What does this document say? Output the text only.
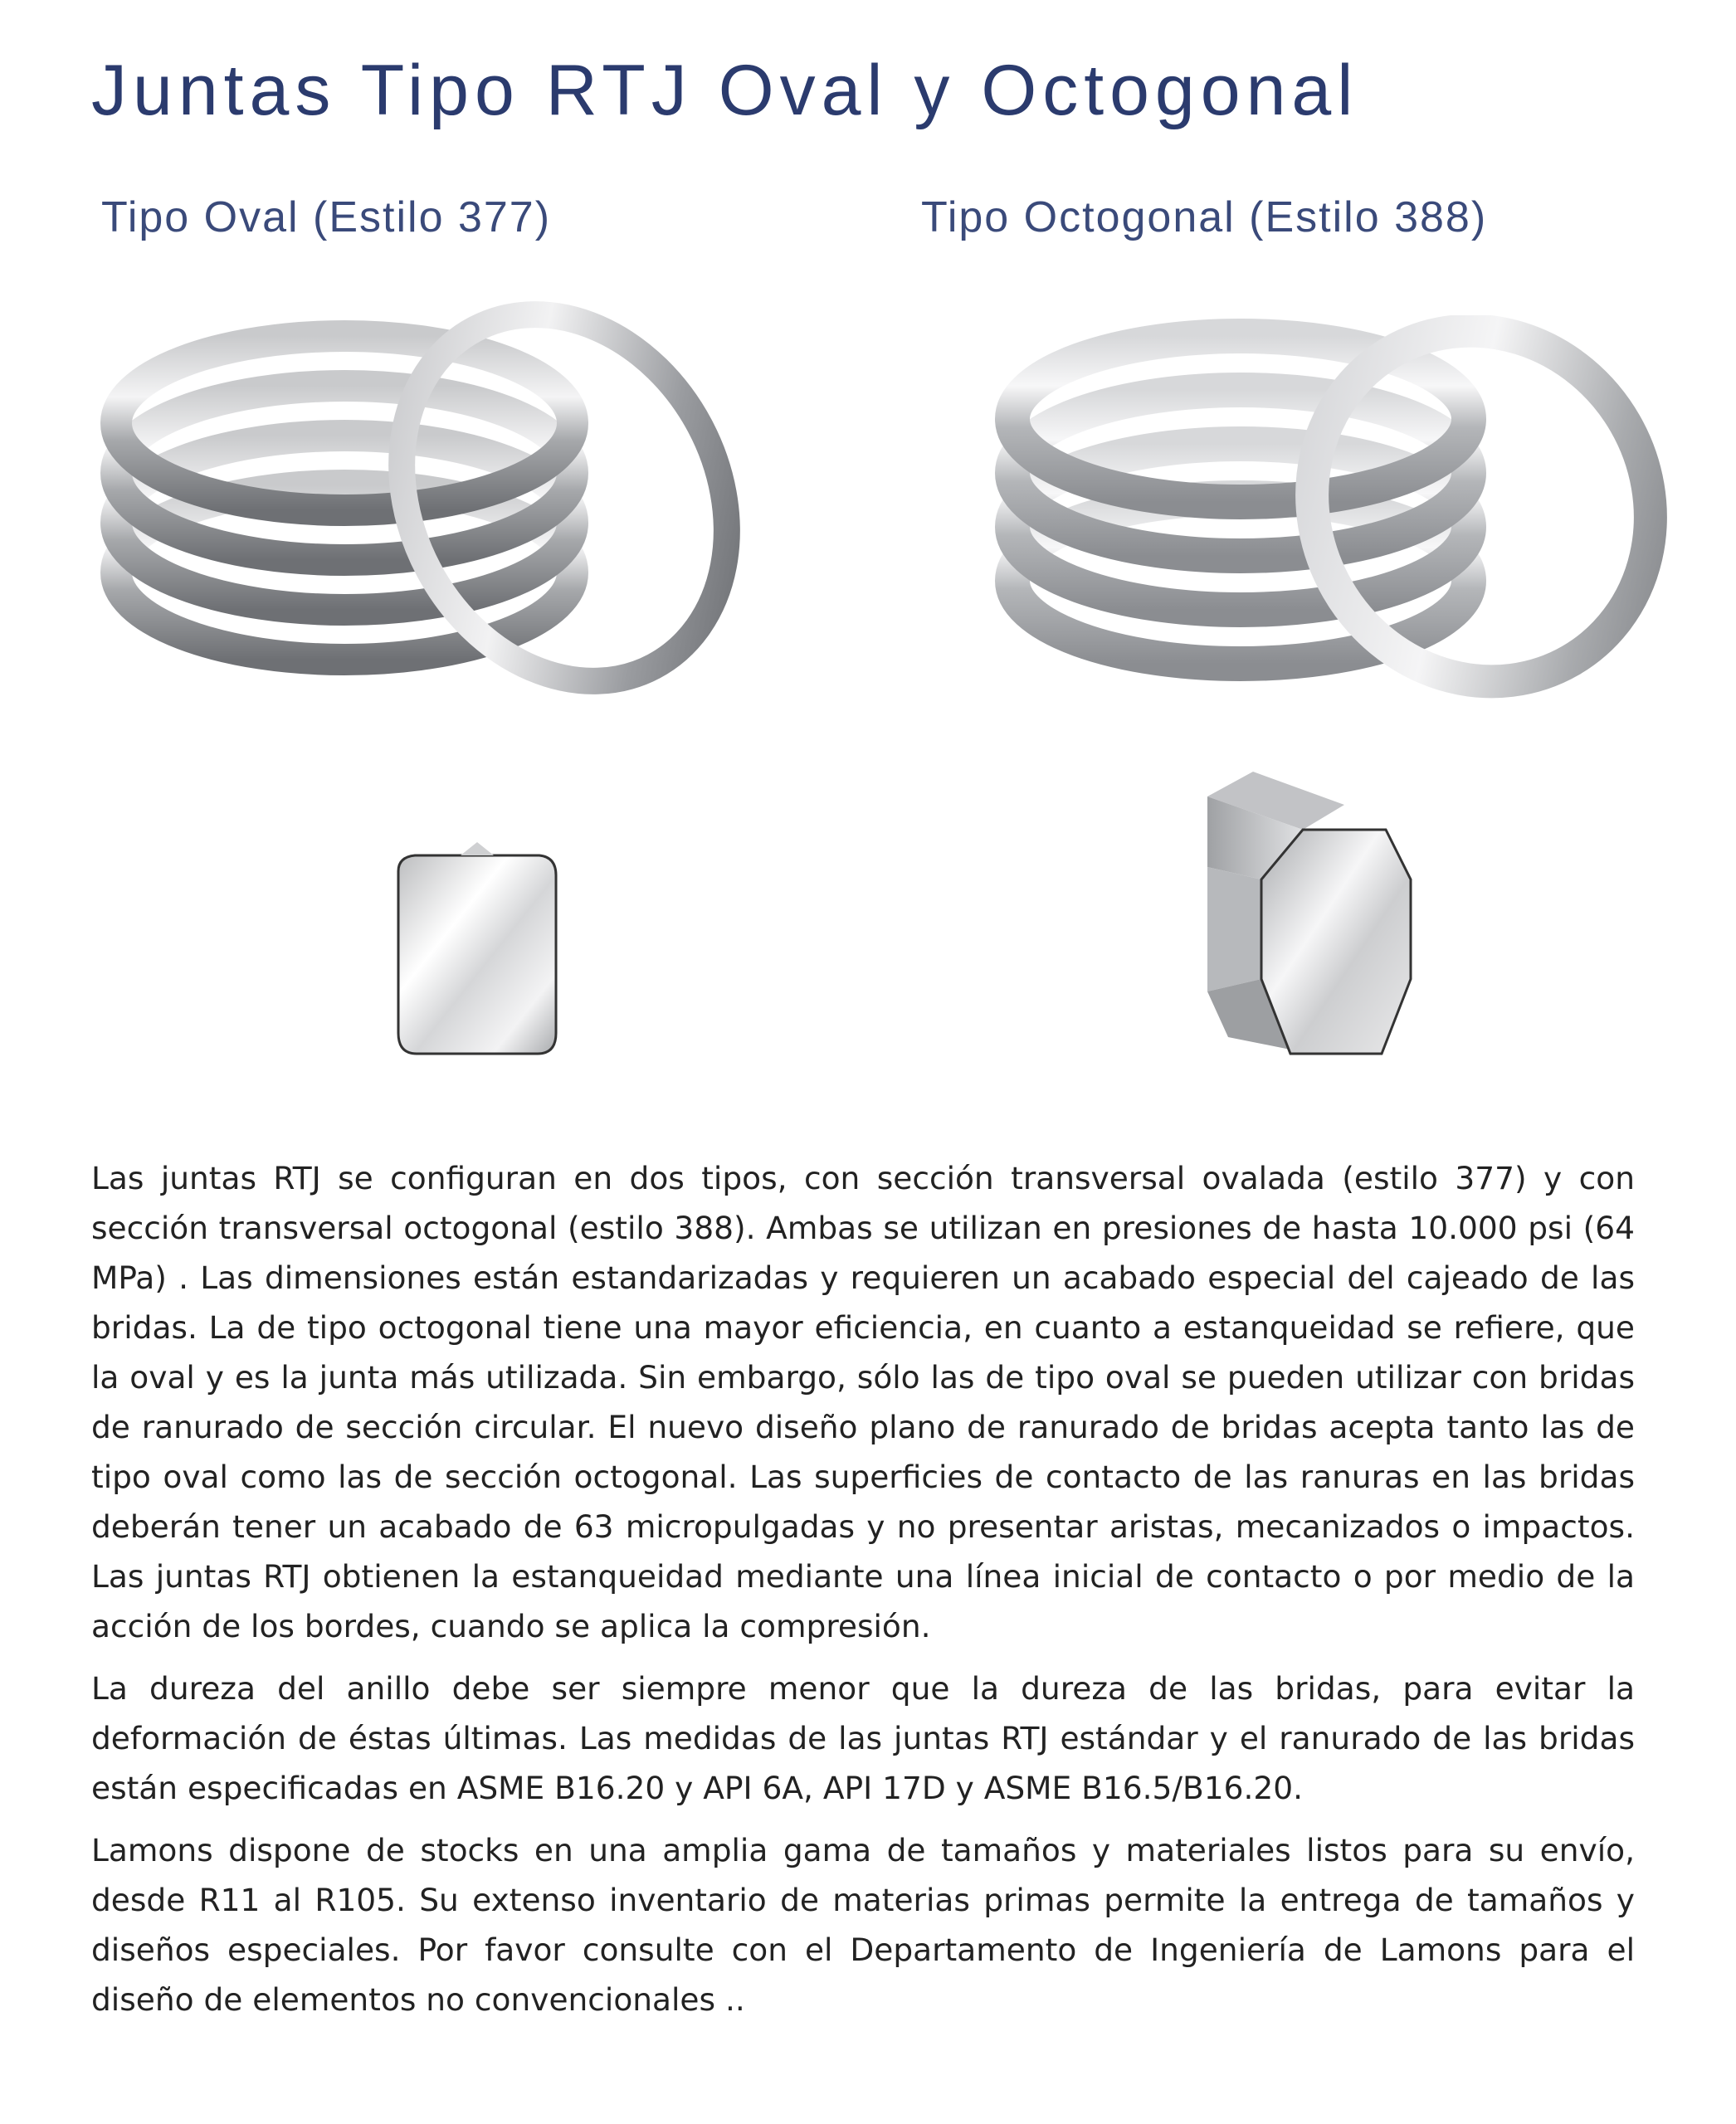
Juntas Tipo RTJ Oval y Octogonal
Tipo Oval (Estilo 377)	Tipo Octogonal (Estilo 388)

Las juntas RTJ se configuran en dos tipos, con sección transversal ovalada (estilo 377) y con sección transversal octogonal (estilo 388). Ambas se utilizan en presiones de hasta 10.000 psi (64 MPa) . Las dimensiones están estandarizadas y requieren un acabado especial del cajeado de las bridas. La de tipo octogonal tiene una mayor eficiencia, en cuanto a estanqueidad se refiere, que la oval y es la junta más utilizada. Sin embargo, sólo las de tipo oval se pueden utilizar con bridas de ranurado de sección circular. El nuevo diseño plano de ranurado de bridas acepta tanto las de tipo oval como las de sección octogonal. Las superficies de contacto de las ranuras en las bridas deberán tener un acabado de 63 micropulgadas y no presentar aristas, mecanizados o impactos. Las juntas RTJ obtienen la estanqueidad mediante una línea inicial de contacto o por medio de la acción de los bordes, cuando se aplica la compresión.

La dureza del anillo debe ser siempre menor que la dureza de las bridas, para evitar la deformación de éstas últimas. Las medidas de las juntas RTJ estándar y el ranurado de las bridas están especificadas en ASME B16.20 y API 6A, API 17D y ASME B16.5/B16.20.

Lamons dispone de stocks en una amplia gama de tamaños y materiales listos para su envío, desde R11 al R105. Su extenso inventario de materias primas permite la entrega de tamaños y diseños especiales. Por favor consulte con el Departamento de Ingeniería de Lamons para el diseño de elementos no convencionales ..
